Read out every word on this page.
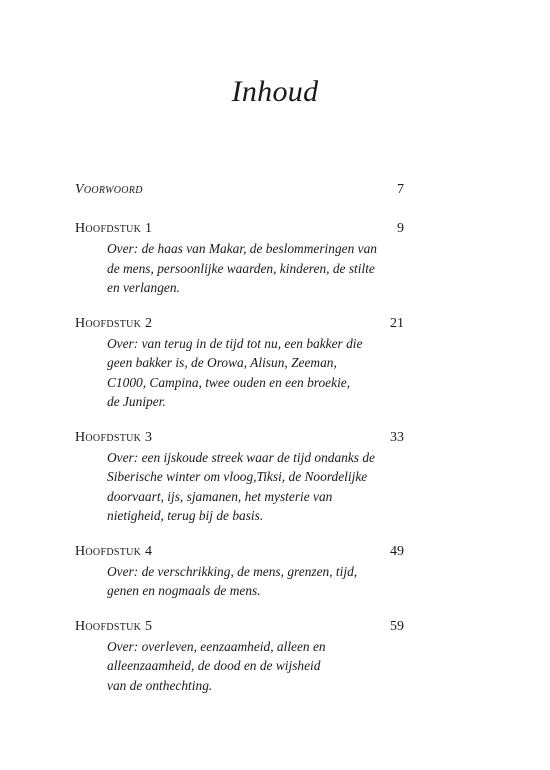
Inhoud
Voorwoord	7
Hoofdstuk 1	9
Over: de haas van Makar, de beslommeringen van
de mens, persoonlijke waarden, kinderen, de stilte
en verlangen.
Hoofdstuk 2	21
Over: van terug in de tijd tot nu, een bakker die
geen bakker is, de Orowa, Alisun, Zeeman,
C1000, Campina, twee ouden en een broekie,
de Juniper.
Hoofdstuk 3	33
Over: een ijskoude streek waar de tijd ondanks de
Siberische winter om vloog,Tiksi, de Noordelijke
doorvaart, ijs, sjamanen, het mysterie van
nietigheid, terug bij de basis.
Hoofdstuk 4	49
Over: de verschrikking, de mens, grenzen, tijd,
genen en nogmaals de mens.
Hoofdstuk 5	59
Over: overleven, eenzaamheid, alleen en
alleenzaamheid, de dood en de wijsheid
van de onthechting.
